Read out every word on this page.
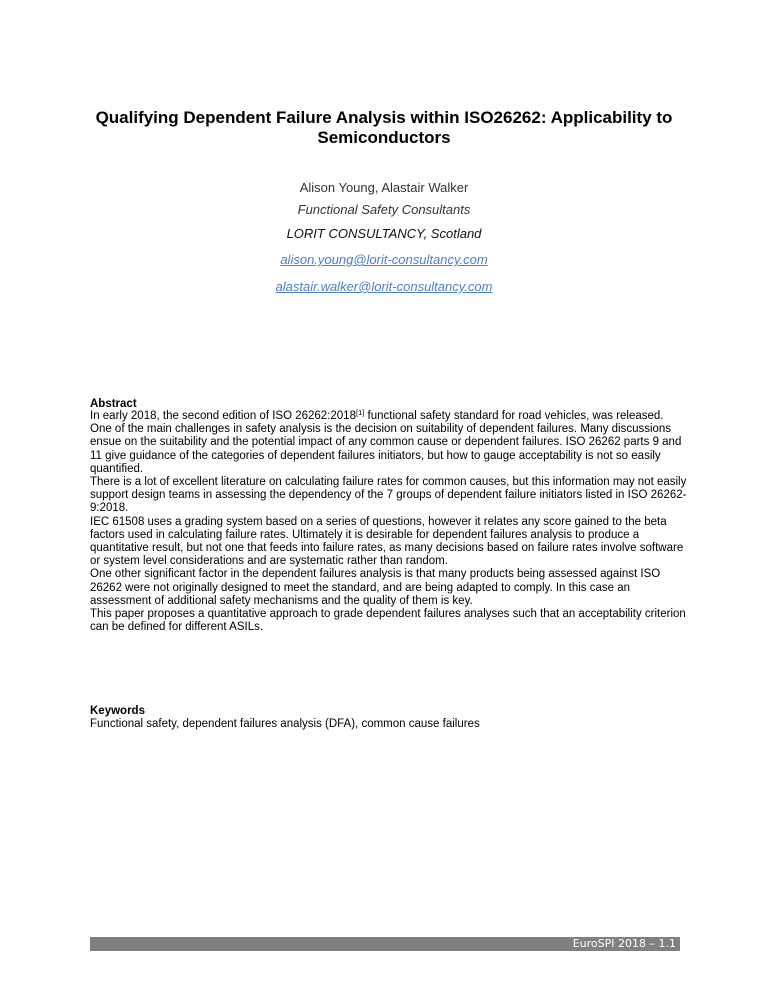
Qualifying Dependent Failure Analysis within ISO26262: Applicability to Semiconductors
Alison Young, Alastair Walker
Functional Safety Consultants
LORIT CONSULTANCY, Scotland
alison.young@lorit-consultancy.com
alastair.walker@lorit-consultancy.com
Abstract

In early 2018, the second edition of ISO 26262:2018[1] functional safety standard for road vehicles, was released.

One of the main challenges in safety analysis is the decision on suitability of dependent failures. Many discussions ensue on the suitability and the potential impact of any common cause or dependent failures. ISO 26262 parts 9 and 11 give guidance of the categories of dependent failures initiators, but how to gauge acceptability is not so easily quantified.

There is a lot of excellent literature on calculating failure rates for common causes, but this information may not easily support design teams in assessing the dependency of the 7 groups of dependent failure initiators listed in ISO 26262-9:2018.

IEC 61508 uses a grading system based on a series of questions, however it relates any score gained to the beta factors used in calculating failure rates. Ultimately it is desirable for dependent failures analysis to produce a quantitative result, but not one that feeds into failure rates, as many decisions based on failure rates involve software or system level considerations and are systematic rather than random.

One other significant factor in the dependent failures analysis is that many products being assessed against ISO 26262 were not originally designed to meet the standard, and are being adapted to comply. In this case an assessment of additional safety mechanisms and the quality of them is key.

This paper proposes a quantitative approach to grade dependent failures analyses such that an acceptability criterion can be defined for different ASILs.

Keywords
Functional safety, dependent failures analysis (DFA), common cause failures
EuroSPI 2018 – 1.1
